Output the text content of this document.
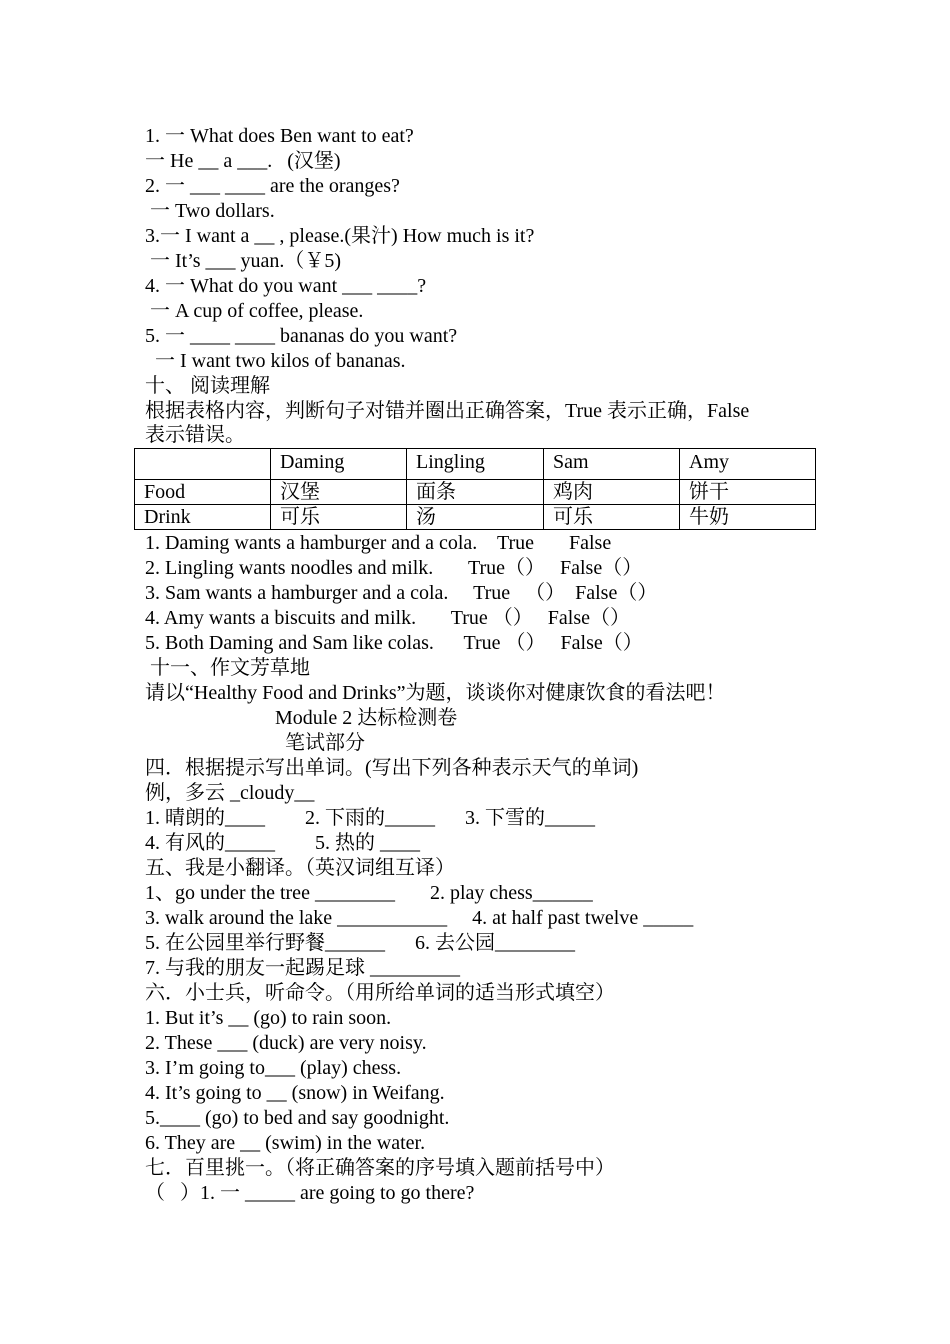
1. 一 What does Ben want to eat?
一 He __ a ___.   (汉堡)
2. 一 ___ ____ are the oranges?
一 Two dollars.
3.一 I want a __ , please.(果汁) How much is it?
一 It’s ___ yuan.（￥5)
4. 一 What do you want ___ ____?
一 A cup of coffee, please.
5. 一 ____ ____ bananas do you want?
一 I want two kilos of bananas.
十、 阅读理解
根据表格内容，判断句子对错并圈出正确答案，True 表示正确，False
表示错误。
	Daming	Lingling	Sam	Amy
Food	汉堡	面条	鸡肉	饼干
Drink	可乐	汤	可乐	牛奶
1. Daming wants a hamburger and a cola.    True       False
2. Lingling wants noodles and milk.       True（）   False（）
3. Sam wants a hamburger and a cola.     True   （）  False（）
4. Amy wants a biscuits and milk.       True （）   False（）
5. Both Daming and Sam like colas.      True （）   False（）
十一、作文芳草地
请以“Healthy Food and Drinks”为题，谈谈你对健康饮食的看法吧！
Module 2 达标检测卷
笔试部分
四．根据提示写出单词。(写出下列各种表示天气的单词)
例，多云 _cloudy__
1. 晴朗的____        2. 下雨的_____      3. 下雪的_____
4. 有风的_____        5. 热的 ____
五、我是小翻译。（英汉词组互译）
1、go under the tree ________       2. play chess______
3. walk around the lake ___________     4. at half past twelve _____
5. 在公园里举行野餐______      6. 去公园________
7. 与我的朋友一起踢足球 _________
六．小士兵，听命令。（用所给单词的适当形式填空）
1. But it’s __ (go) to rain soon.
2. These ___ (duck) are very noisy.
3. I’m going to___ (play) chess.
4. It’s going to __ (snow) in Weifang.
5.____ (go) to bed and say goodnight.
6. They are __ (swim) in the water.
七．百里挑一。（将正确答案的序号填入题前括号中）
（   ）1. 一 _____ are going to go there?
